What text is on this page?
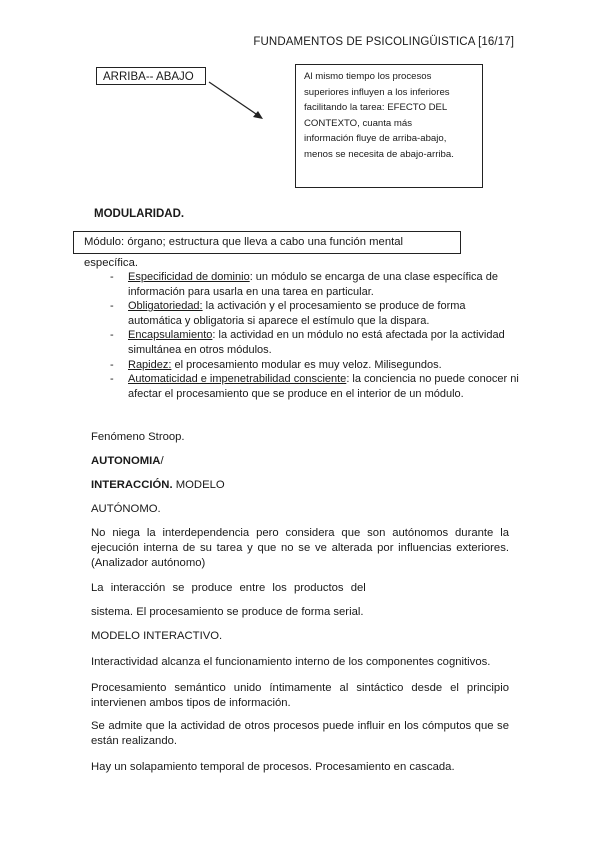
FUNDAMENTOS DE PSICOLINGÜISTICA [16/17]
ARRIBA-- ABAJO	Al mismo tiempo los procesos
superiores influyen a los inferiores
facilitando la tarea: EFECTO DEL
CONTEXTO, cuanta más
información fluye de arriba-abajo,
menos se necesita de abajo-arriba.
MODULARIDAD.
Módulo: órgano; estructura que lleva a cabo una función mental específica.
- Especificidad de dominio: un módulo se encarga de una clase específica de información para usarla en una tarea en particular.
- Obligatoriedad: la activación y el procesamiento se produce de forma automática y obligatoria si aparece el estímulo que la dispara.
- Encapsulamiento: la actividad en un módulo no está afectada por la actividad simultánea en otros módulos.
- Rapidez: el procesamiento modular es muy veloz. Milisegundos.
- Automaticidad e impenetrabilidad consciente: la conciencia no puede conocer ni afectar el procesamiento que se produce en el interior de un módulo.
Fenómeno Stroop.
AUTONOMIA/
INTERACCIÓN. MODELO
AUTÓNOMO.
No niega la interdependencia pero considera que son autónomos durante la ejecución interna de su tarea y que no se ve alterada por influencias exteriores. (Analizador autónomo)
La interacción se produce entre los productos del
sistema. El procesamiento se produce de forma serial.
MODELO INTERACTIVO.
Interactividad alcanza el funcionamiento interno de los componentes cognitivos.
Procesamiento semántico unido íntimamente al sintáctico desde el principio intervienen ambos tipos de información.
Se admite que la actividad de otros procesos puede influir en los cómputos que se están realizando.
Hay un solapamiento temporal de procesos. Procesamiento en cascada.
